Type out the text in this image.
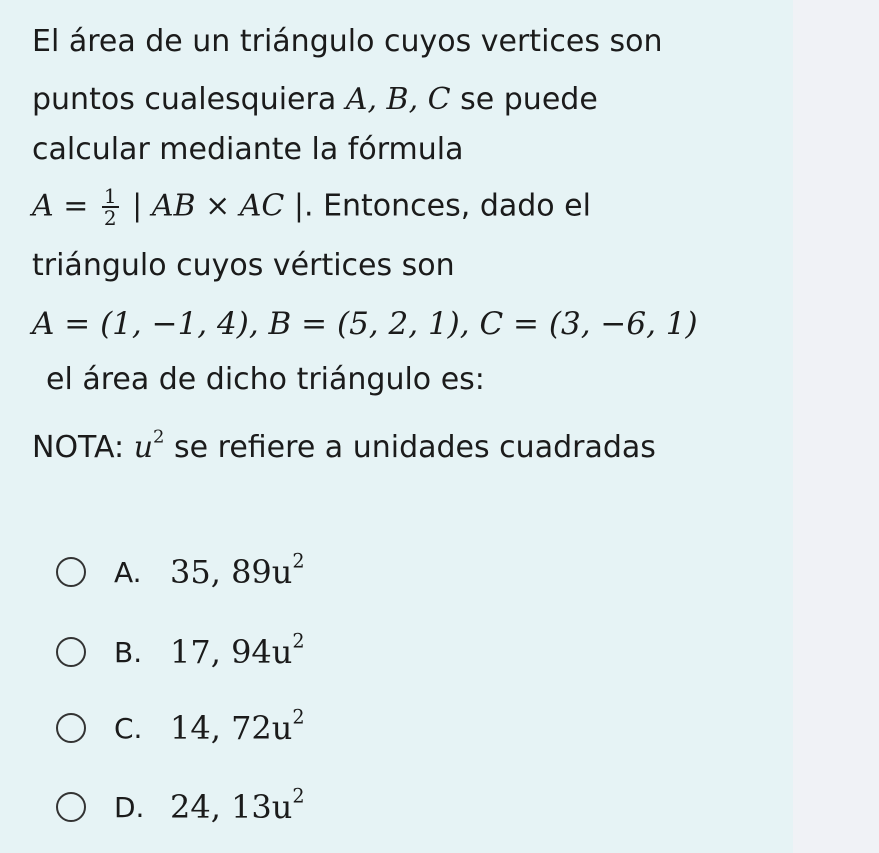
El área de un triángulo cuyos vertices son
puntos cualesquiera A, B, C se puede
calcular mediante la fórmula
$A = \frac{1}{2}$ | AB × AC |. Entonces, dado el
triángulo cuyos vértices son
A = (1, −1, 4), B = (5, 2, 1), C = (3, −6, 1)
el área de dicho triángulo es:
NOTA: $u^2$ se refiere a unidades cuadradas
A. 35, $89u^2$
B. 17, $94u^2$
C. 14, $72u^2$
D. 24, $13u^2$
